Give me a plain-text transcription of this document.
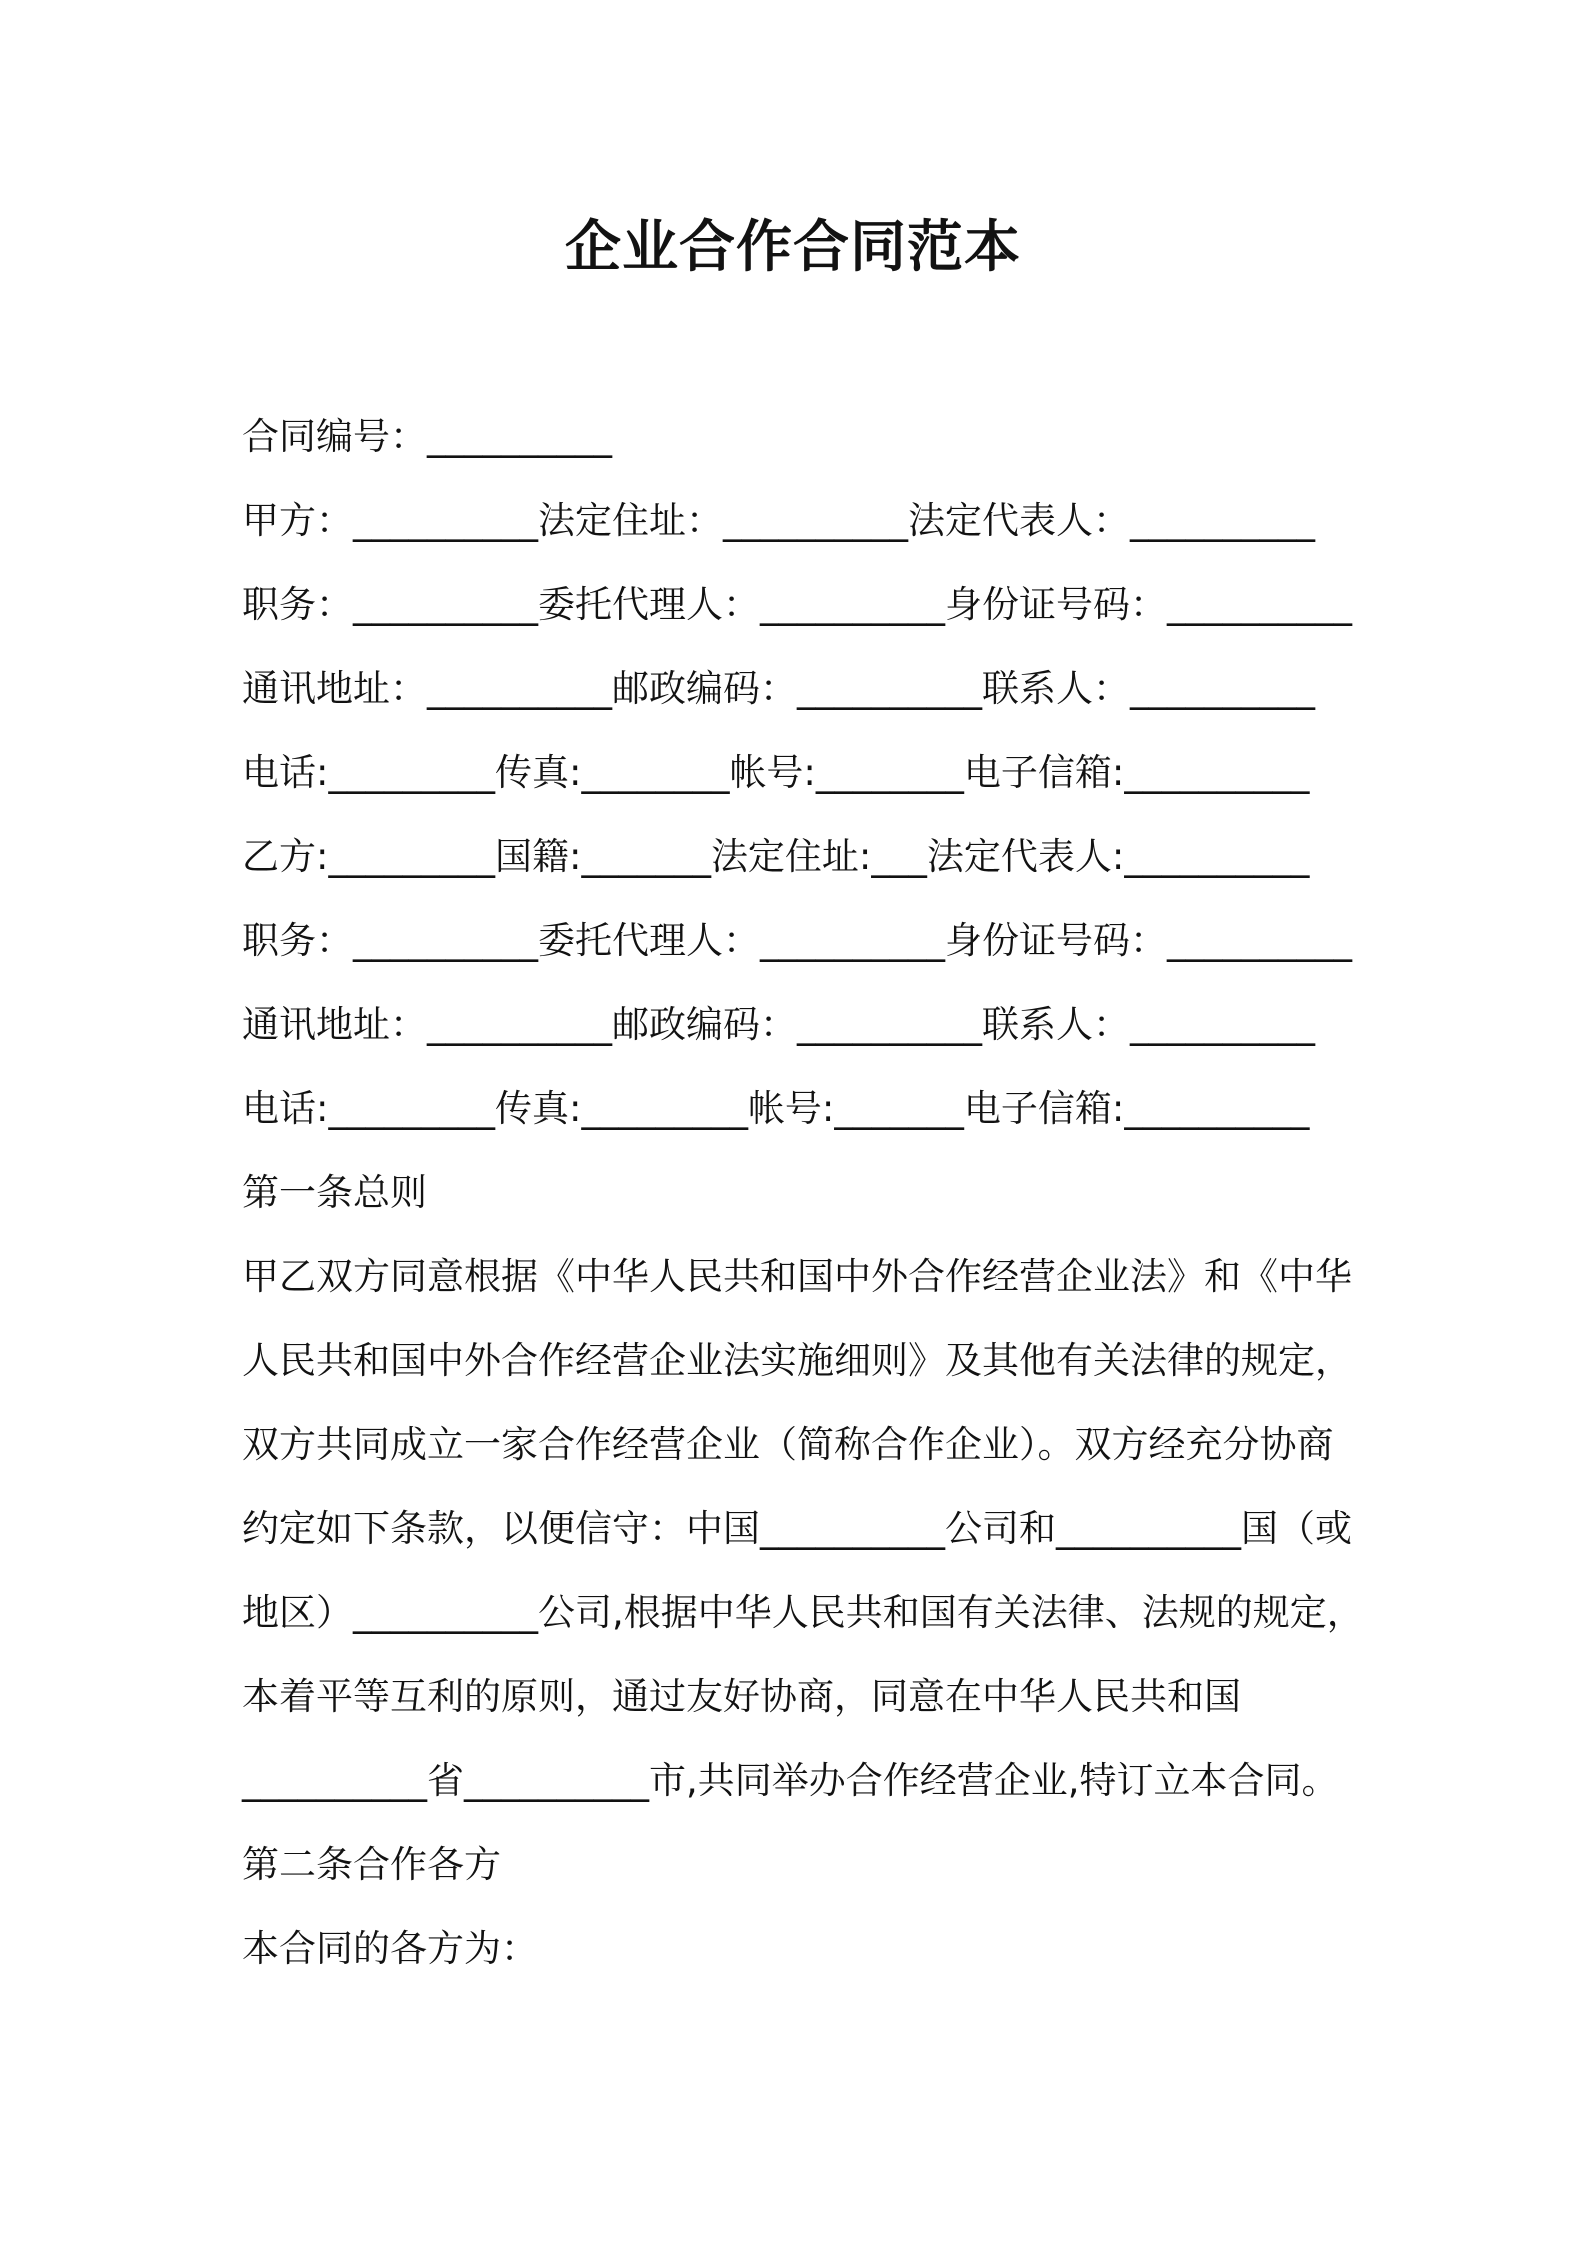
企业合作合同范本
合同编号：__________
甲方：__________法定住址：__________法定代表人：__________
职务：__________委托代理人：__________身份证号码：__________
通讯地址：__________邮政编码：__________联系人：__________
电话:_________传真:________帐号:________电子信箱:__________
乙方:_________国籍:_______法定住址:___法定代表人:__________
职务：__________委托代理人：__________身份证号码：__________
通讯地址：__________邮政编码：__________联系人：__________
电话:_________传真:_________帐号:_______电子信箱:__________
第一条总则
甲乙双方同意根据《中华人民共和国中外合作经营企业法》和《中华
人民共和国中外合作经营企业法实施细则》及其他有关法律的规定，
双方共同成立一家合作经营企业（简称合作企业）。双方经充分协商
约定如下条款，以便信守：中国__________公司和__________国（或
地区）__________公司,根据中华人民共和国有关法律、法规的规定，
本着平等互利的原则，通过友好协商，同意在中华人民共和国
__________省__________市,共同举办合作经营企业,特订立本合同。
第二条合作各方
本合同的各方为：
